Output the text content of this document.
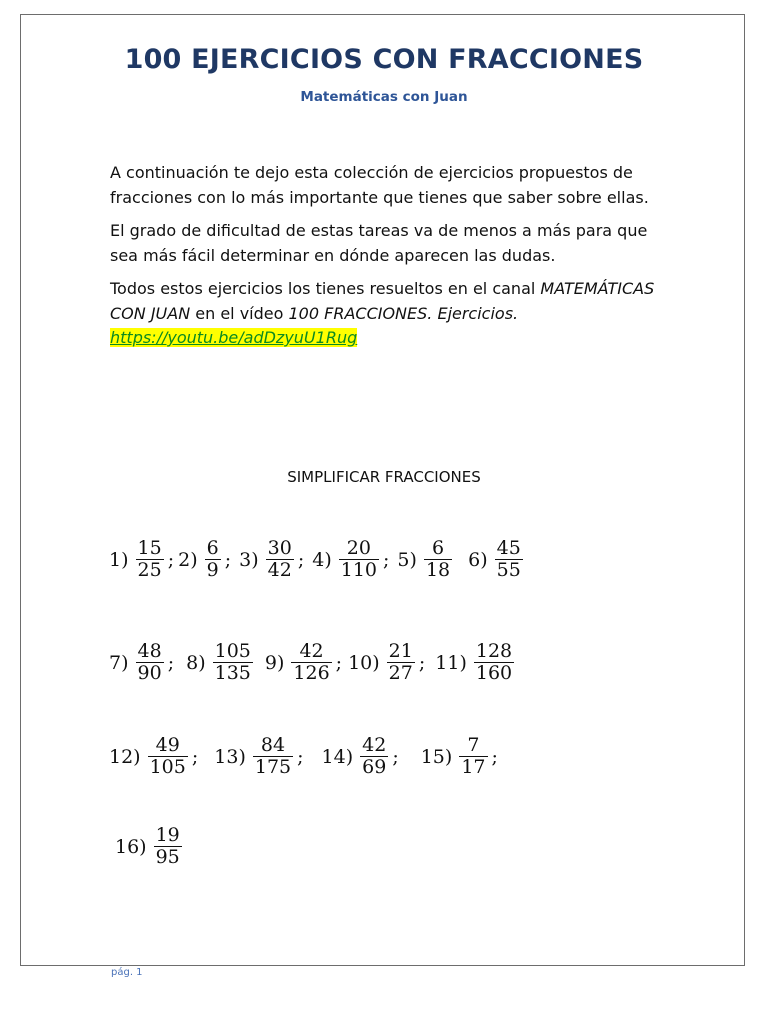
100 EJERCICIOS CON FRACCIONES
Matemáticas con Juan

A continuación te dejo esta colección de ejercicios propuestos de fracciones con lo más importante que tienes que saber sobre ellas.

El grado de dificultad de estas tareas va de menos a más para que sea más fácil determinar en dónde aparecen las dudas.

Todos estos ejercicios los tienes resueltos en el canal MATEMÁTICAS CON JUAN en el vídeo 100 FRACCIONES. Ejercicios. https://youtu.be/adDzyuU1Rug

SIMPLIFICAR FRACCIONES
$1) \frac{15}{25}$ ; $2) \frac{6}{9}$ ; $3) \frac{30}{42}$ ; $4) \frac{20}{110}$ ; $5) \frac{6}{18} 6) \frac{45}{55}$
$7) \frac{48}{90}$ ; $8) \frac{105}{135} 9) \frac{42}{126}$ ; $10) \frac{21}{27}$ ; $11) \frac{128}{160}$
$12) \frac{49}{105}$ ; $13) \frac{84}{175}$ ; $14) \frac{42}{69}$ ; $15) \frac{7}{17}$ ;
$16) \frac{19}{95}$
pág. 1
